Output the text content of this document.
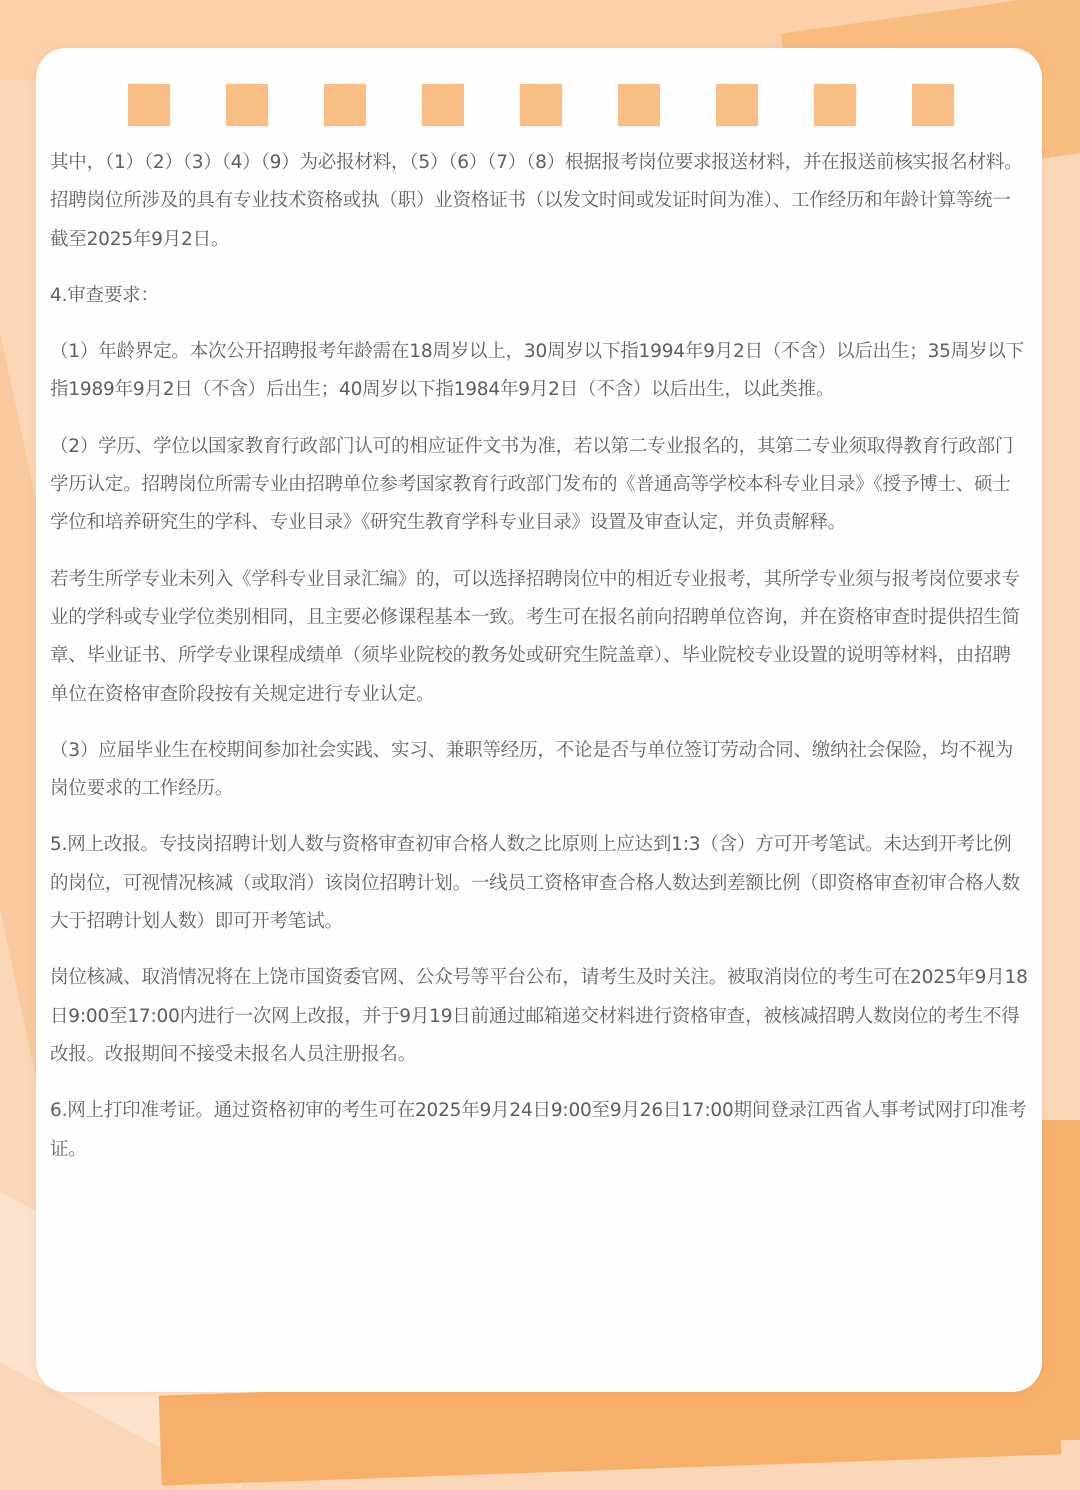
其中，（1）（2）（3）（4）（9）为必报材料，（5）（6）（7）（8）根据报考岗位要求报送材料，并在报送前核实报名材料。招聘岗位所涉及的具有专业技术资格或执（职）业资格证书（以发文时间或发证时间为准）、工作经历和年龄计算等统一截至2025年9月2日。

4.审查要求：

（1）年龄界定。本次公开招聘报考年龄需在18周岁以上，30周岁以下指1994年9月2日（不含）以后出生；35周岁以下指1989年9月2日（不含）后出生；40周岁以下指1984年9月2日（不含）以后出生，以此类推。

（2）学历、学位以国家教育行政部门认可的相应证件文书为准，若以第二专业报名的，其第二专业须取得教育行政部门学历认定。招聘岗位所需专业由招聘单位参考国家教育行政部门发布的《普通高等学校本科专业目录》《授予博士、硕士学位和培养研究生的学科、专业目录》《研究生教育学科专业目录》设置及审查认定，并负责解释。

若考生所学专业未列入《学科专业目录汇编》的，可以选择招聘岗位中的相近专业报考，其所学专业须与报考岗位要求专业的学科或专业学位类别相同，且主要必修课程基本一致。考生可在报名前向招聘单位咨询，并在资格审查时提供招生简章、毕业证书、所学专业课程成绩单（须毕业院校的教务处或研究生院盖章）、毕业院校专业设置的说明等材料，由招聘单位在资格审查阶段按有关规定进行专业认定。

（3）应届毕业生在校期间参加社会实践、实习、兼职等经历，不论是否与单位签订劳动合同、缴纳社会保险，均不视为岗位要求的工作经历。

5.网上改报。专技岗招聘计划人数与资格审查初审合格人数之比原则上应达到1:3（含）方可开考笔试。未达到开考比例的岗位，可视情况核减（或取消）该岗位招聘计划。一线员工资格审查合格人数达到差额比例（即资格审查初审合格人数大于招聘计划人数）即可开考笔试。

岗位核减、取消情况将在上饶市国资委官网、公众号等平台公布，请考生及时关注。被取消岗位的考生可在2025年9月18日9:00至17:00内进行一次网上改报，并于9月19日前通过邮箱递交材料进行资格审查，被核减招聘人数岗位的考生不得改报。改报期间不接受未报名人员注册报名。

6.网上打印准考证。通过资格初审的考生可在2025年9月24日9:00至9月26日17:00期间登录江西省人事考试网打印准考证。
